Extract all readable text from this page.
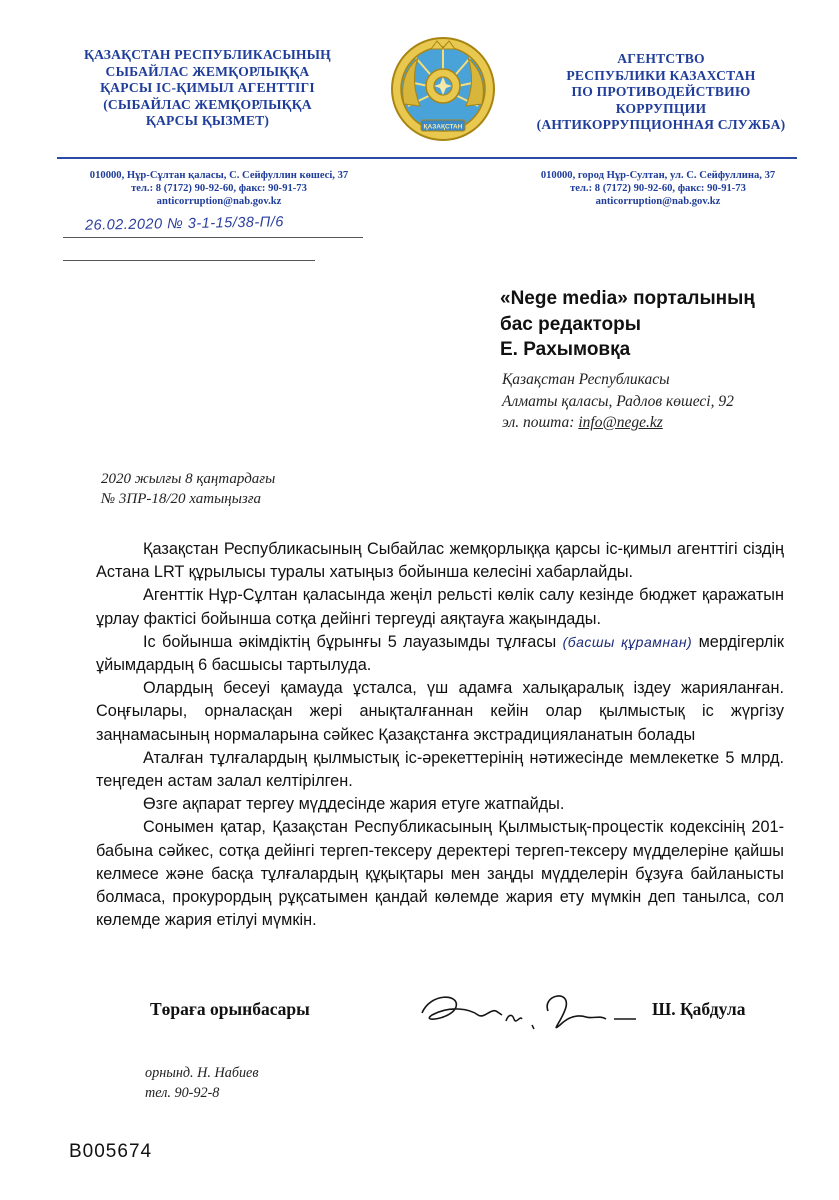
ҚАЗАҚСТАН РЕСПУБЛИКАСЫНЫҢ
СЫБАЙЛАС ЖЕМҚОРЛЫҚҚА
ҚАРСЫ ІС-ҚИМЫЛ АГЕНТТІГІ
(СЫБАЙЛАС ЖЕМҚОРЛЫҚҚА
ҚАРСЫ ҚЫЗМЕТ)	ҚАЗАҚСТАН
АГЕНТСТВО
РЕСПУБЛИКИ КАЗАХСТАН
ПО ПРОТИВОДЕЙСТВИЮ
КОРРУПЦИИ
(АНТИКОРРУПЦИОННАЯ СЛУЖБА)
010000, Нұр-Сұлтан қаласы, С. Сейфуллин көшесі, 37
тел.: 8 (7172) 90-92-60, факс: 90-91-73
anticorruption@nab.gov.kz
010000, город Нұр-Султан, ул. С. Сейфуллина, 37
тел.: 8 (7172) 90-92-60, факс: 90-91-73
anticorruption@nab.gov.kz
26.02.2020 № 3-1-15/38-П/6
«Nege media» порталының
бас редакторы
Е. Рахымовқа
Қазақстан Республикасы
Алматы қаласы, Радлов көшесі, 92
эл. пошта: info@nege.kz
2020 жылғы 8 қаңтардағы
№ 3ПР-18/20 хатыңызға

Қазақстан Республикасының Сыбайлас жемқорлыққа қарсы іс-қимыл агенттігі сіздің Астана LRT құрылысы туралы хатыңыз бойынша келесіні хабарлайды.

Агенттік Нұр-Сұлтан қаласында жеңіл рельсті көлік салу кезінде бюджет қаражатын ұрлау фактісі бойынша сотқа дейінгі тергеуді аяқтауға жақындады.

Іс бойынша әкімдіктің бұрынғы 5 лауазымды тұлғасы (басшы құрамнан) мердігерлік ұйымдардың 6 басшысы тартылуда.

Олардың бесеуі қамауда ұсталса, үш адамға халықаралық іздеу жарияланған. Соңғылары, орналасқан жері анықталғаннан кейін олар қылмыстық іс жүргізу заңнамасының нормаларына сәйкес Қазақстанға экстрадицияланатын болады

Аталған тұлғалардың қылмыстық іс-әрекеттерінің нәтижесінде мемлекетке 5 млрд. теңгеден астам залал келтірілген.

Өзге ақпарат тергеу мүддесінде жария етуге жатпайды.

Сонымен қатар, Қазақстан Республикасының Қылмыстық-процестік кодексінің 201-бабына сәйкес, сотқа дейінгі тергеп-тексеру деректері тергеп-тексеру мүдделеріне қайшы келмесе және басқа тұлғалардың құқықтары мен заңды мүдделерін бұзуға байланысты болмаса, прокурордың рұқсатымен қандай көлемде жария ету мүмкін деп танылса, сол көлемде жария етілуі мүмкін.

Төраға орынбасары	Ш. Қабдула
орнынд. Н. Набиев
тел. 90-92-8
B005674
